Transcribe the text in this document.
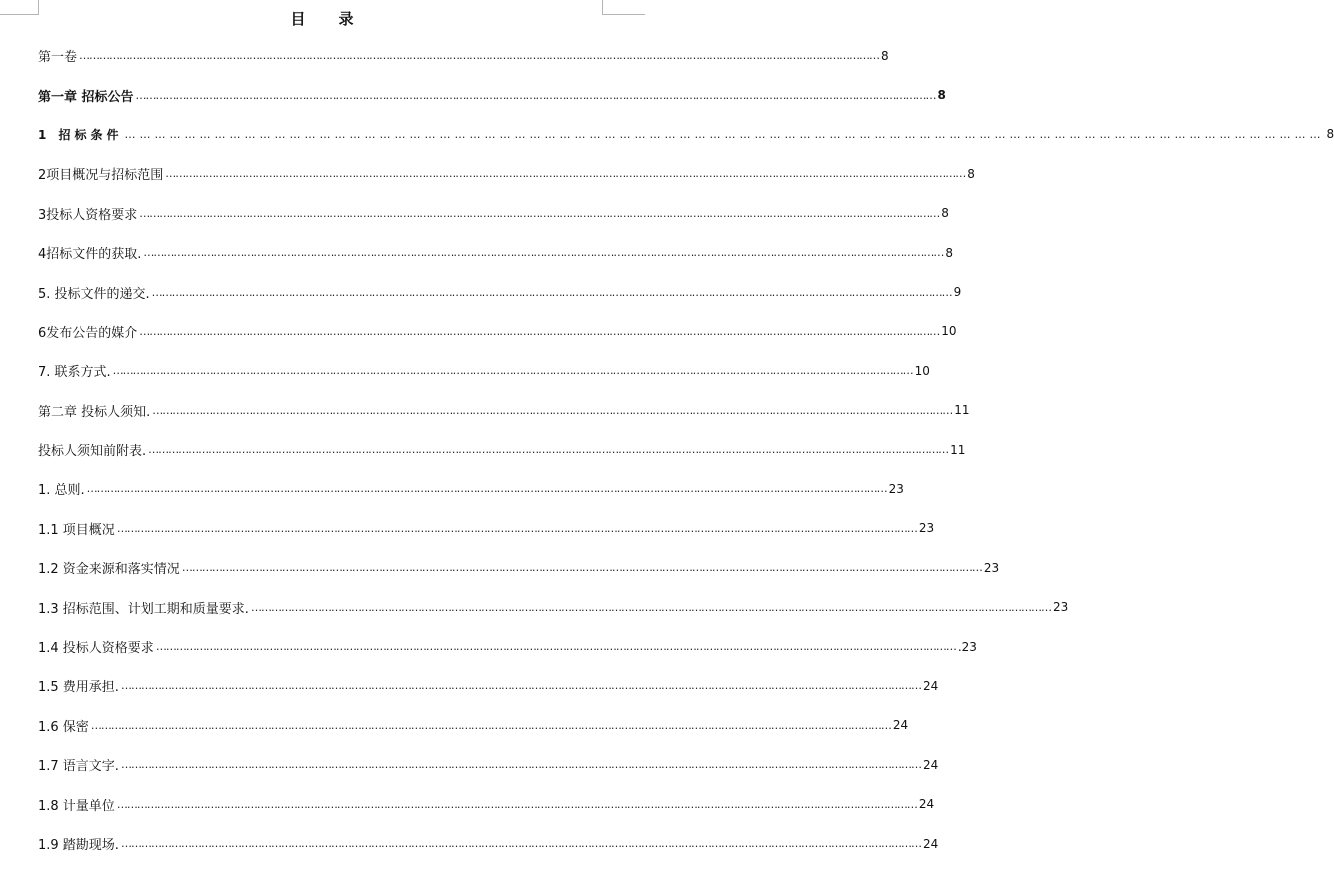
目 录
第一卷 …………………………………………………………………………………………………………………………………………………………………………………………………………………… 8
第一章 招标公告 …………………………………………………………………………………………………………………………………………………………………………………………………………………… 8
1 招标条件 …………………………………………………………………………………………………………………………………………………………………………………………………………………… 8
2项目概况与招标范围 …………………………………………………………………………………………………………………………………………………………………………………………………………………… 8
3投标人资格要求 …………………………………………………………………………………………………………………………………………………………………………………………………………………… 8
4招标文件的获取. …………………………………………………………………………………………………………………………………………………………………………………………………………………… 8
5. 投标文件的递交. …………………………………………………………………………………………………………………………………………………………………………………………………………………… 9
6发布公告的媒介 …………………………………………………………………………………………………………………………………………………………………………………………………………………… 10
7. 联系方式. …………………………………………………………………………………………………………………………………………………………………………………………………………………… 10
第二章 投标人须知. …………………………………………………………………………………………………………………………………………………………………………………………………………………… 11
投标人须知前附表. …………………………………………………………………………………………………………………………………………………………………………………………………………………… 11
1. 总则. …………………………………………………………………………………………………………………………………………………………………………………………………………………… 23
1.1 项目概况 …………………………………………………………………………………………………………………………………………………………………………………………………………………… 23
1.2 资金来源和落实情况 …………………………………………………………………………………………………………………………………………………………………………………………………………………… 23
1.3 招标范围、计划工期和质量要求. …………………………………………………………………………………………………………………………………………………………………………………………………………………… 23
1.4 投标人资格要求 …………………………………………………………………………………………………………………………………………………………………………………………………………………… .23
1.5 费用承担. …………………………………………………………………………………………………………………………………………………………………………………………………………………… 24
1.6 保密 …………………………………………………………………………………………………………………………………………………………………………………………………………………… 24
1.7 语言文字. …………………………………………………………………………………………………………………………………………………………………………………………………………………… 24
1.8 计量单位 …………………………………………………………………………………………………………………………………………………………………………………………………………………… 24
1.9 踏勘现场. …………………………………………………………………………………………………………………………………………………………………………………………………………………… 24
